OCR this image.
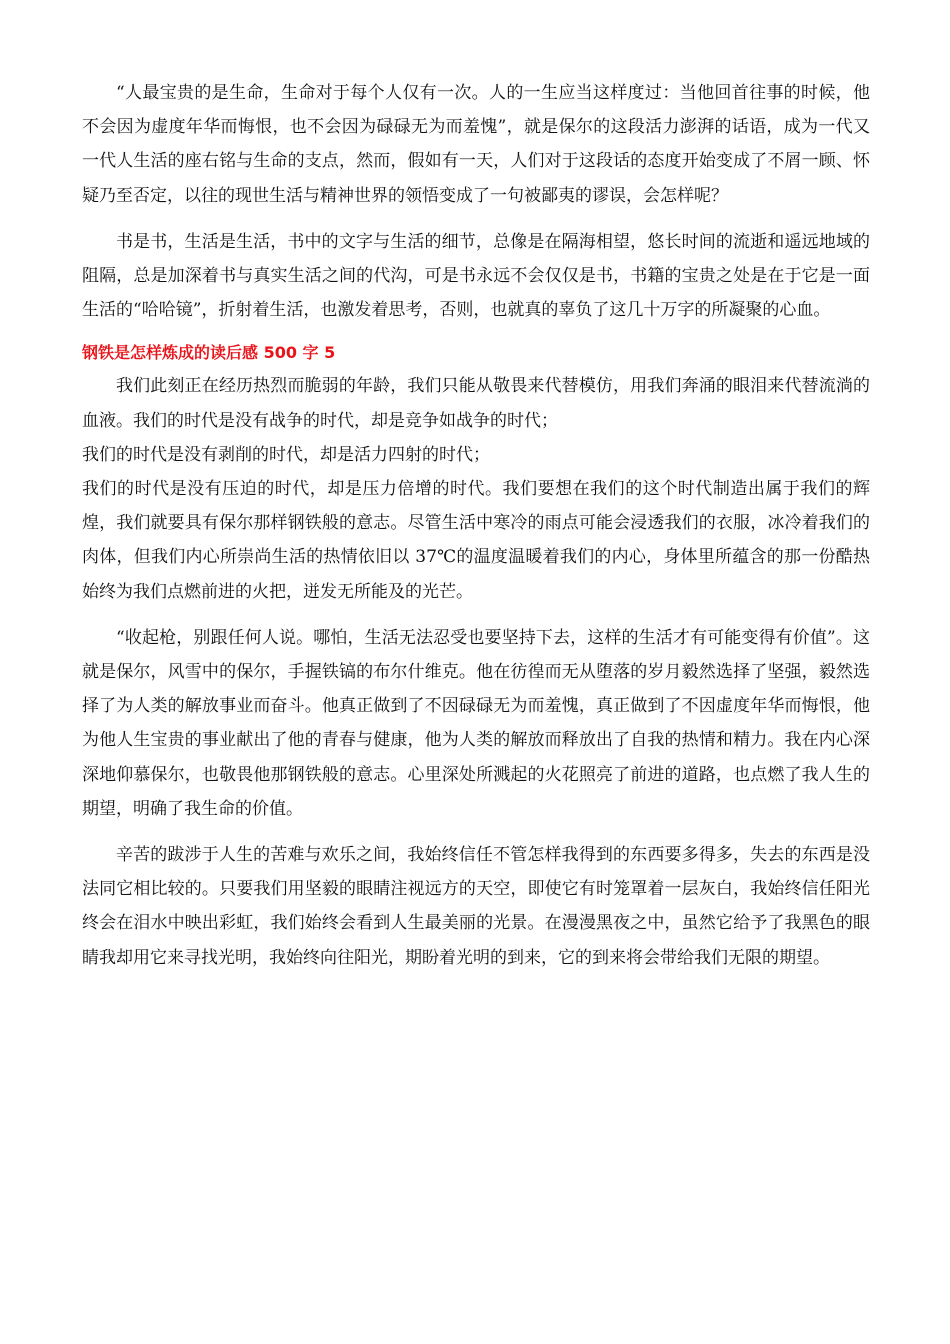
“人最宝贵的是生命，生命对于每个人仅有一次。人的一生应当这样度过：当他回首往事的时候，他不会因为虚度年华而悔恨，也不会因为碌碌无为而羞愧”，就是保尔的这段活力澎湃的话语，成为一代又一代人生活的座右铭与生命的支点，然而，假如有一天，人们对于这段话的态度开始变成了不屑一顾、怀疑乃至否定，以往的现世生活与精神世界的领悟变成了一句被鄙夷的谬误，会怎样呢？

书是书，生活是生活，书中的文字与生活的细节，总像是在隔海相望，悠长时间的流逝和遥远地域的阻隔，总是加深着书与真实生活之间的代沟，可是书永远不会仅仅是书，书籍的宝贵之处是在于它是一面生活的“哈哈镜”，折射着生活，也激发着思考，否则，也就真的辜负了这几十万字的所凝聚的心血。

钢铁是怎样炼成的读后感 500 字 5

我们此刻正在经历热烈而脆弱的年龄，我们只能从敬畏来代替模仿，用我们奔涌的眼泪来代替流淌的血液。我们的时代是没有战争的时代，却是竞争如战争的时代；

我们的时代是没有剥削的时代，却是活力四射的时代；

我们的时代是没有压迫的时代，却是压力倍增的时代。我们要想在我们的这个时代制造出属于我们的辉煌，我们就要具有保尔那样钢铁般的意志。尽管生活中寒冷的雨点可能会浸透我们的衣服，冰冷着我们的肉体，但我们内心所崇尚生活的热情依旧以 37℃的温度温暖着我们的内心，身体里所蕴含的那一份酷热始终为我们点燃前进的火把，迸发无所能及的光芒。

“收起枪，别跟任何人说。哪怕，生活无法忍受也要坚持下去，这样的生活才有可能变得有价值”。这就是保尔，风雪中的保尔，手握铁镐的布尔什维克。他在彷徨而无从堕落的岁月毅然选择了坚强，毅然选择了为人类的解放事业而奋斗。他真正做到了不因碌碌无为而羞愧，真正做到了不因虚度年华而悔恨，他为他人生宝贵的事业献出了他的青春与健康，他为人类的解放而释放出了自我的热情和精力。我在内心深深地仰慕保尔，也敬畏他那钢铁般的意志。心里深处所溅起的火花照亮了前进的道路，也点燃了我人生的期望，明确了我生命的价值。

辛苦的跋涉于人生的苦难与欢乐之间，我始终信任不管怎样我得到的东西要多得多，失去的东西是没法同它相比较的。只要我们用坚毅的眼睛注视远方的天空，即使它有时笼罩着一层灰白，我始终信任阳光终会在泪水中映出彩虹，我们始终会看到人生最美丽的光景。在漫漫黑夜之中，虽然它给予了我黑色的眼睛我却用它来寻找光明，我始终向往阳光，期盼着光明的到来，它的到来将会带给我们无限的期望。
